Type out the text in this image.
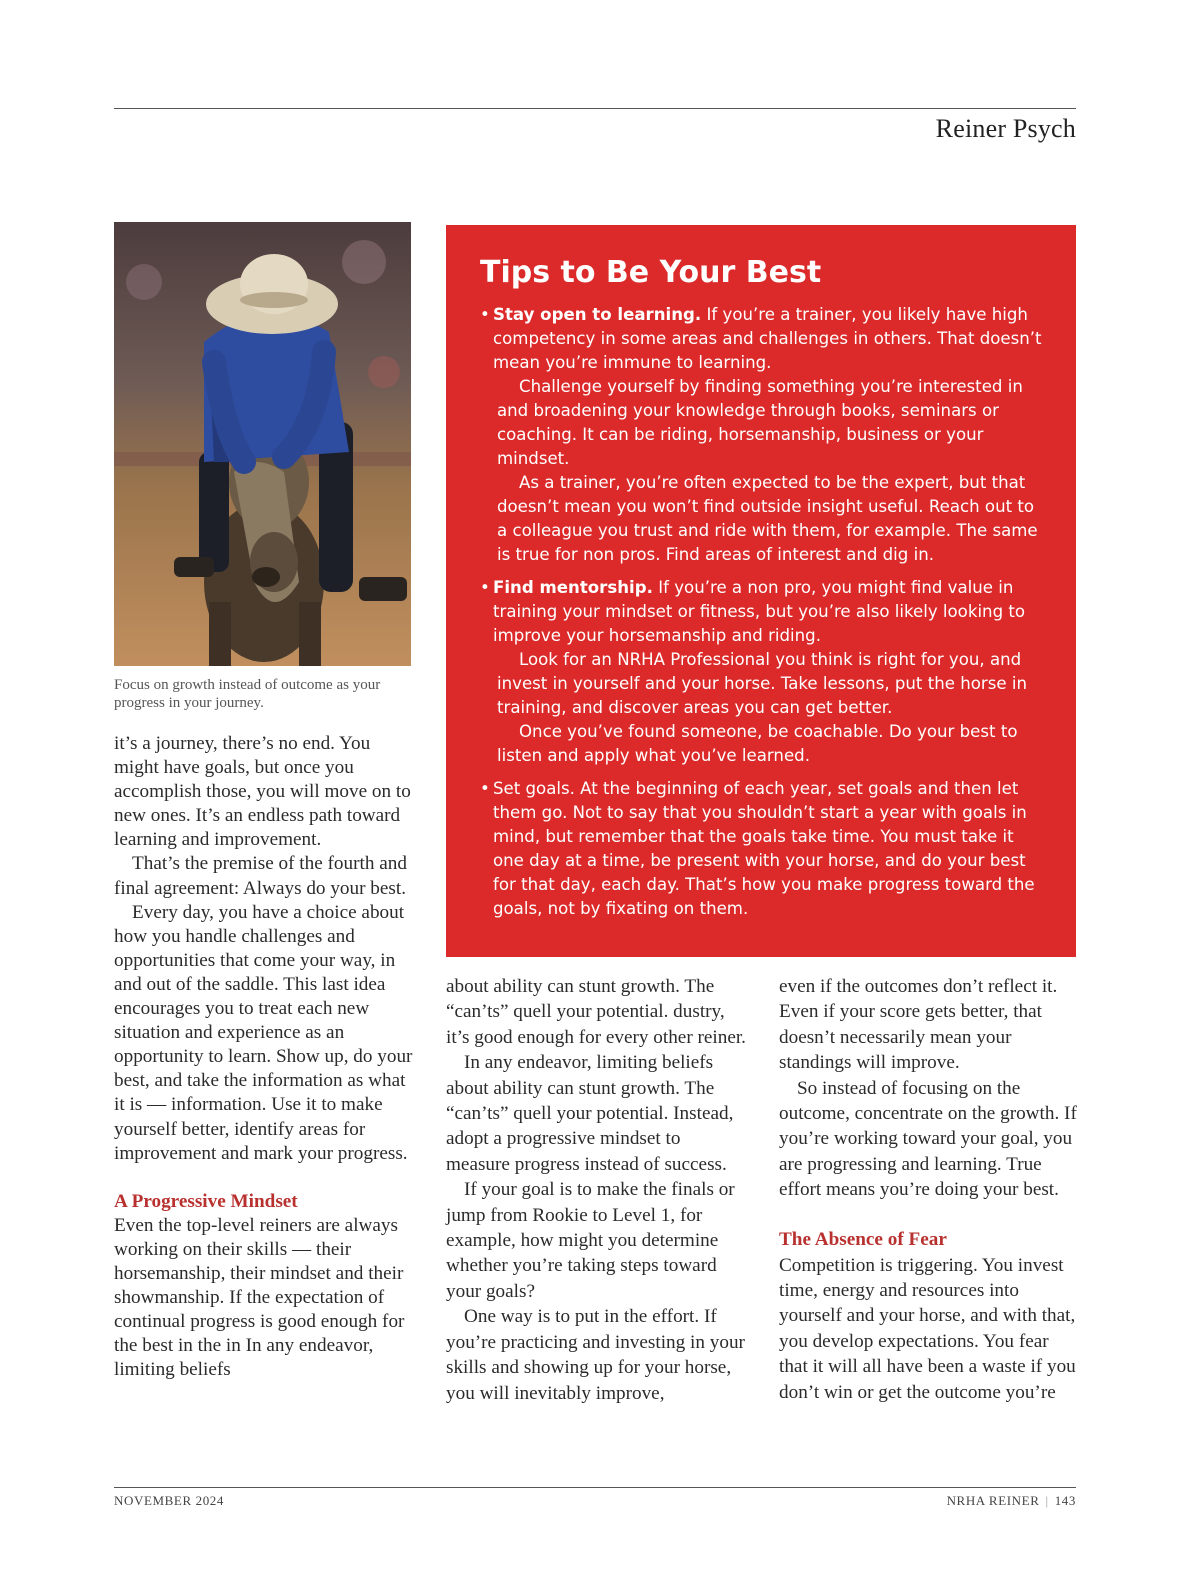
Reiner Psych
Focus on growth instead of outcome as your progress in your journey.

it’s a journey, there’s no end. You might have goals, but once you accomplish those, you will move on to new ones. It’s an endless path toward learning and improvement.

That’s the premise of the fourth and final agreement: Always do your best.

Every day, you have a choice about how you handle challenges and opportunities that come your way, in and out of the saddle. This last idea encourages you to treat each new situation and experience as an opportunity to learn. Show up, do your best, and take the information as what it is — information. Use it to make yourself better, identify areas for improvement and mark your progress.

A Progressive Mindset

Even the top-level reiners are always working on their skills — their horsemanship, their mindset and their showmanship. If the expectation of continual progress is good enough for the best in the in In any endeavor, limiting beliefs

Tips to Be Your Best
• Stay open to learning. If you’re a trainer, you likely have high competency in some areas and challenges in others. That doesn’t mean you’re immune to learning.

Challenge yourself by finding something you’re interested in and broadening your knowledge through books, seminars or coaching. It can be riding, horsemanship, business or your mindset.

As a trainer, you’re often expected to be the expert, but that doesn’t mean you won’t find outside insight useful. Reach out to a colleague you trust and ride with them, for example. The same is true for non pros. Find areas of interest and dig in.

• Find mentorship. If you’re a non pro, you might find value in training your mindset or fitness, but you’re also likely looking to improve your horsemanship and riding.

Look for an NRHA Professional you think is right for you, and invest in yourself and your horse. Take lessons, put the horse in training, and discover areas you can get better.

Once you’ve found someone, be coachable. Do your best to listen and apply what you’ve learned.

• Set goals. At the beginning of each year, set goals and then let them go. Not to say that you shouldn’t start a year with goals in mind, but remember that the goals take time. You must take it one day at a time, be present with your horse, and do your best for that day, each day. That’s how you make progress toward the goals, not by fixating on them.

about ability can stunt growth. The “can’ts” quell your potential. dustry, it’s good enough for every other reiner.

In any endeavor, limiting beliefs about ability can stunt growth. The “can’ts” quell your potential. Instead, adopt a progressive mindset to measure progress instead of success.

If your goal is to make the finals or jump from Rookie to Level 1, for example, how might you determine whether you’re taking steps toward your goals?

One way is to put in the effort. If you’re practicing and investing in your skills and showing up for your horse, you will inevitably improve,

even if the outcomes don’t reflect it. Even if your score gets better, that doesn’t necessarily mean your standings will improve.

So instead of focusing on the outcome, concentrate on the growth. If you’re working toward your goal, you are progressing and learning. True effort means you’re doing your best.

The Absence of Fear

Competition is triggering. You invest time, energy and resources into yourself and your horse, and with that, you develop expectations. You fear that it will all have been a waste if you don’t win or get the outcome you’re

NOVEMBER 2024	NRHA REINER | 143
